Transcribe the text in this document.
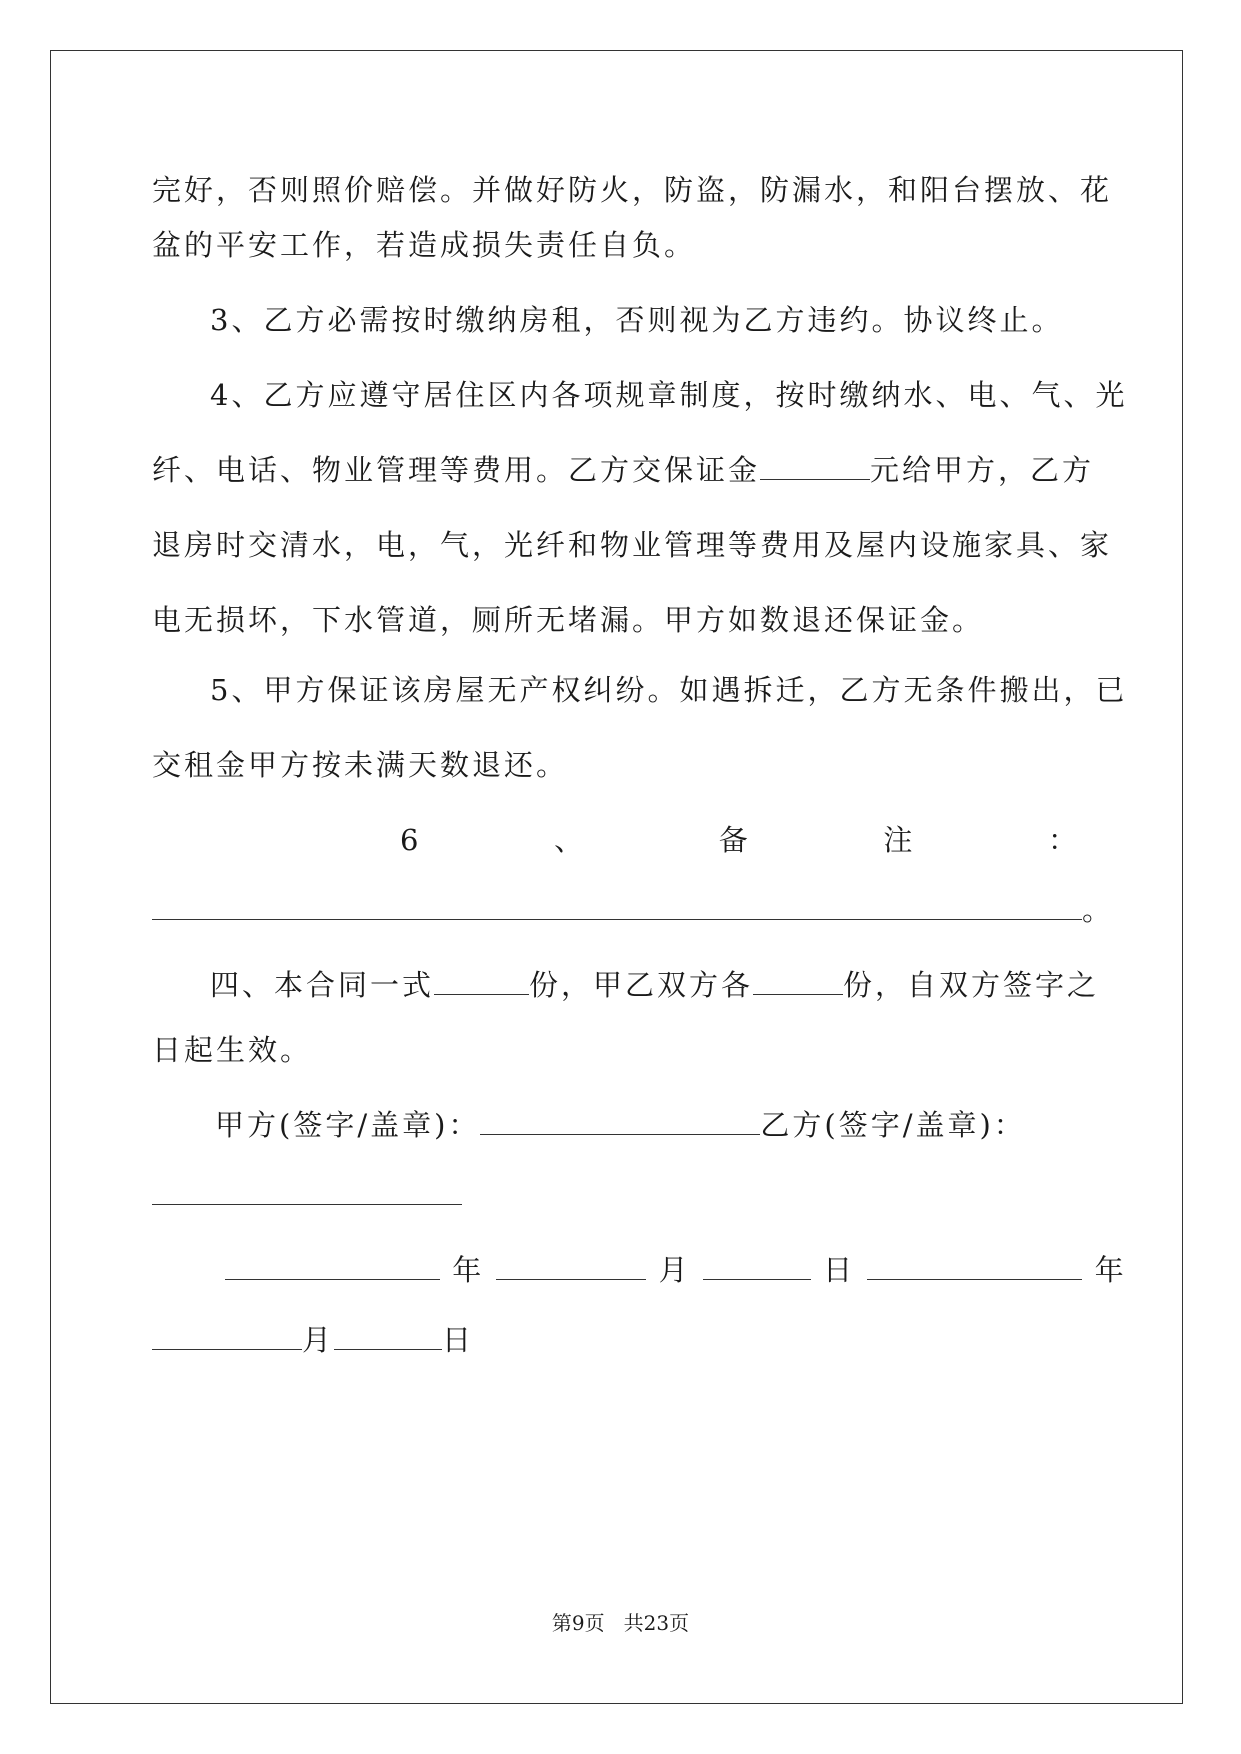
完好，否则照价赔偿。并做好防火，防盗，防漏水，和阳台摆放、花
盆的平安工作，若造成损失责任自负。
3、乙方必需按时缴纳房租，否则视为乙方违约。协议终止。
4、乙方应遵守居住区内各项规章制度，按时缴纳水、电、气、光
纤、电话、物业管理等费用。乙方交保证金	元给甲方，乙方
退房时交清水，电，气，光纤和物业管理等费用及屋内设施家具、家
电无损坏，下水管道，厕所无堵漏。甲方如数退还保证金。
5、甲方保证该房屋无产权纠纷。如遇拆迁，乙方无条件搬出，已
交租金甲方按未满天数退还。
6	、	备	注	：
。
四、本合同一式	份，甲乙双方各	份，自双方签字之
日起生效。
甲方(签字/盖章)：	乙方(签字/盖章)：
年	月	日	年
月	日
第9页 共23页
